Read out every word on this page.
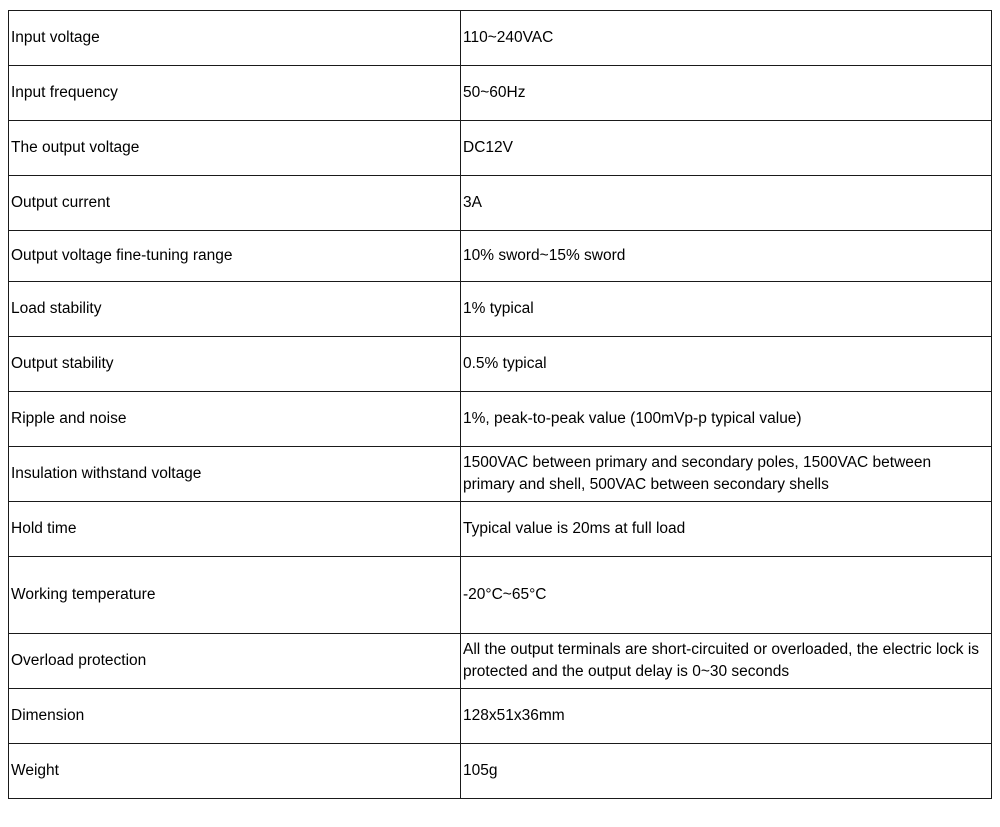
Input voltage	110~240VAC
Input frequency	50~60Hz
The output voltage	DC12V
Output current	3A
Output voltage fine-tuning range	10% sword~15% sword
Load stability	1% typical
Output stability	0.5% typical
Ripple and noise	1%, peak-to-peak value (100mVp-p typical value)
Insulation withstand voltage	1500VAC between primary and secondary poles, 1500VAC between primary and shell, 500VAC between secondary shells
Hold time	Typical value is 20ms at full load
Working temperature	-20°C~65°C
Overload protection	All the output terminals are short-circuited or overloaded, the electric lock is protected and the output delay is 0~30 seconds
Dimension	128x51x36mm
Weight	105g
